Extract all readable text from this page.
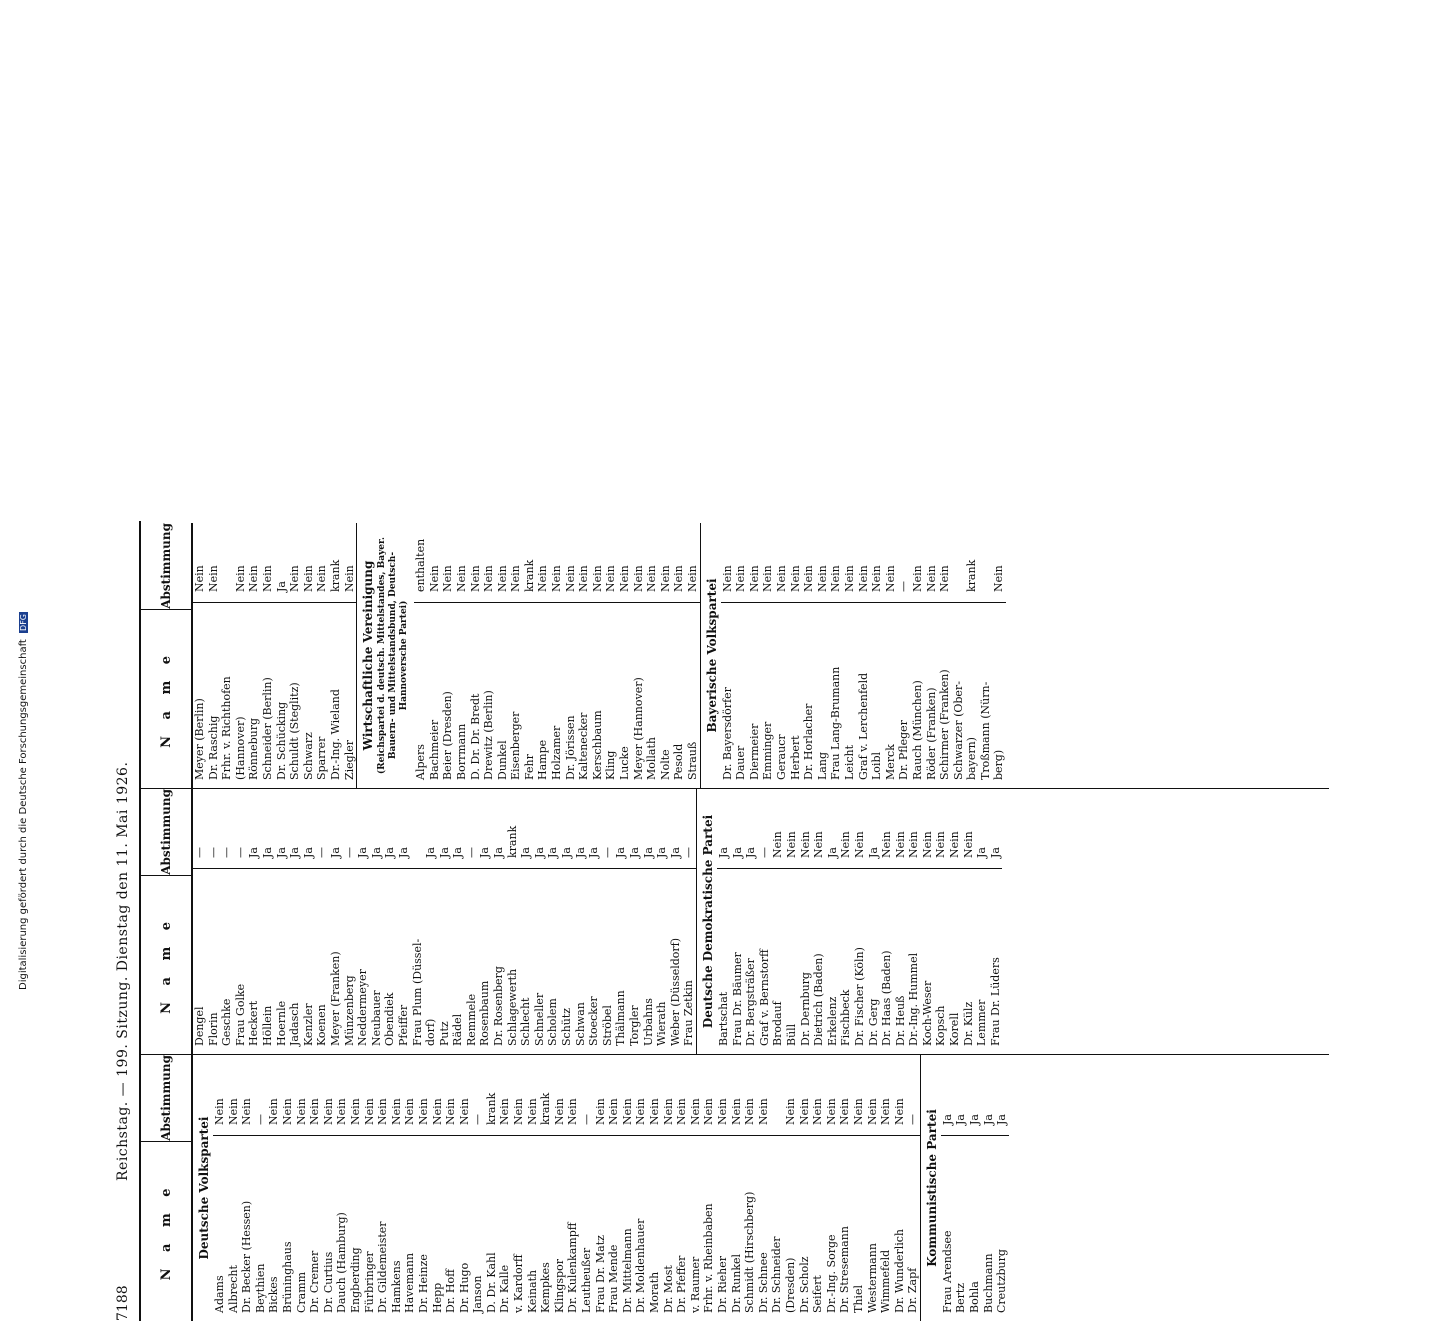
7188
Reichstag. — 199. Sitzung. Dienstag den 11. Mai 1926.
N a m e
Abstimmung
Deutsche Volkspartei
Adams
Nein
Albrecht
Nein
Dr. Becker (Hessen)
Nein
Beythien
—
Bickes
Nein
Brüninghaus
Nein
Cramm
Nein
Dr. Cremer
Nein
Dr. Curtius
Nein
Dauch (Hamburg)
Nein
Engberding
Nein
Fürbringer
Nein
Dr. Gildemeister
Nein
Hamkens
Nein
Havemann
Nein
Dr. Heinze
Nein
Hepp
Nein
Dr. Hoff
Nein
Dr. Hugo
Nein
Janson
—
D. Dr. Kahl
krank
Dr. Kalle
Nein
v. Kardorff
Nein
Keinath
Nein
Kempkes
krank
Klingspor
Nein
Dr. Kulenkampff
Nein
Leutheußer
—
Frau Dr. Matz
Nein
Frau Mende
Nein
Dr. Mittelmann
Nein
Dr. Moldenhauer
Nein
Morath
Nein
Dr. Most
Nein
Dr. Pfeffer
Nein
v. Raumer
Nein
Frhr. v. Rheinbaben
Nein
Dr. Rieher
Nein
Dr. Runkel
Nein
Schmidt (Hirschberg)
Nein
Dr. Schnee
Nein
Dr. Schneider (Dresden)
Nein
Dr. Scholz
Nein
Seifert
Nein
Dr.-Ing. Sorge
Nein
Dr. Stresemann
Nein
Thiel
Nein
Westermann
Nein
Wimmefeld
Nein
Dr. Wunderlich
Nein
Dr. Zapf
— Kommunistische Partei
Frau Arendsee
Ja
Bertz
Ja
Bohla
Ja
Buchmann
Ja
Creutzburg
Ja
N a m e
Abstimmung
Dengel
—
Florin
—
Geschke
—
Frau Golke
—
Heckert
Ja
Höllein
Ja
Hoernle
Ja
Jadasch
Ja
Kenzler
Ja
Koenen
—
Meyer (Franken)
Ja
Münzenberg
—
Neddermeyer
Ja
Neubauer
Ja
Obendiek
Ja
Pfeiffer
Ja
Frau Plum (Düssel- dorf)
Ja
Putz
Ja
Rädel
Ja
Remmele
—
Rosenbaum
Ja
Dr. Rosenberg
Ja
Schlagewerth
krank
Schlecht
Ja
Schneller
Ja
Scholem
Ja
Schütz
Ja
Schwan
Ja
Stoecker
Ja
Ströbel
—
Thälmann
Ja
Torgler
Ja
Urbahns
Ja
Wierath
Ja
Weber (Düsseldorf)
Ja
Frau Zetkin
— Deutsche Demokratische Partei Bartschat
Ja
Frau Dr. Bäumer
Ja
Dr. Bergsträßer
Ja
Graf v. Bernstorff
—
Brodauf
Nein
Büll
Nein
Dr. Dernburg
Nein
Dietrich (Baden)
Nein
Erkelenz
Ja
Fischbeck
Nein
Dr. Fischer (Köln)
Nein
Dr. Gerg
Ja
Dr. Haas (Baden)
Nein
Dr. Heuß
Nein
Dr.-Ing. Hummel
Nein
Koch-Weser
Nein
Kopsch
Nein
Korell
Nein
Dr. Külz
Nein
Lemmer
Ja
Frau Dr. Lüders
Ja
N a m e
Abstimmung
Meyer (Berlin)
Nein
Dr. Raschig
Nein
Frhr. v. Richthofen (Hannover)
Nein
Rönneburg
Nein
Schneider (Berlin)
Nein
Dr. Schücking
Ja
Schuldt (Steglitz)
Nein
Schwarz
Nein
Sparrer
Nein
Dr.-Ing. Wieland
krank
Ziegler
Nein Wirtschaftliche Vereinigung (Reichspartei d. deutsch. Mittelstandes, Bayer. Bauern- und Mittelstandsbund, Deutsch-Hannoversche Partei)
Alpers
enthalten
Bachmeier
Nein
Beier (Dresden)
Nein
Borrmann
Nein
D. Dr. Dr. Bredt
Nein
Drewitz (Berlin)
Nein
Dunkel
Nein
Eisenberger
Nein
Fehr
krank
Hampe
Nein
Holzamer
Nein
Dr. Jörissen
Nein
Kaltenecker
Nein
Kerschbaum
Nein
Kling
Nein
Lucke
Nein
Meyer (Hannover)
Nein
Mollath
Nein
Nolte
Nein
Pesold
Nein
Strauß
Nein Bayerische Volkspartei
Dr. Bayersdörfer
Nein
Dauer
Nein
Diermeier
Nein
Emminger
Nein
Geraucr
Nein
Herbert
Nein
Dr. Horlacher
Nein
Lang
Nein
Frau Lang-Brumann
Nein
Leicht
Nein
Graf v. Lerchenfeld
Nein
Loibl
Nein
Merck
Nein
Dr. Pfleger
—
Rauch (München)
Nein
Röder (Franken)
Nein
Schirmer (Franken)
Nein
Schwarzer (Ober- bayern)
krank
Troßmann (Nürn- berg)
Nein
Digitalisierung gefördert durch die Deutsche Forschungsgemeinschaft DFG
